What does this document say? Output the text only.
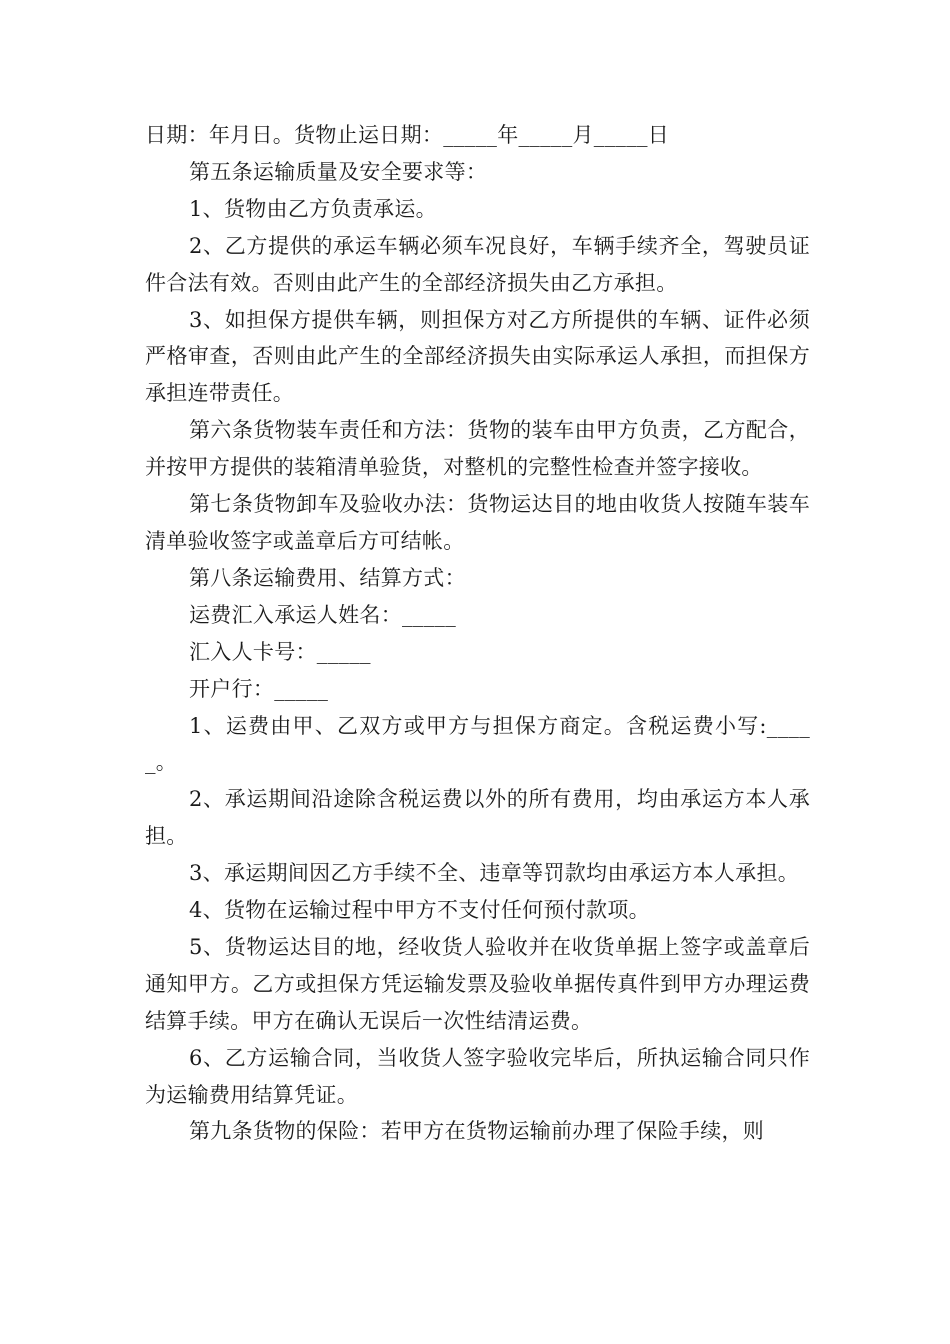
日期：年月日。货物止运日期：_____年_____月_____日

第五条运输质量及安全要求等：

1、货物由乙方负责承运。

2、乙方提供的承运车辆必须车况良好，车辆手续齐全，驾驶员证件合法有效。否则由此产生的全部经济损失由乙方承担。

3、如担保方提供车辆，则担保方对乙方所提供的车辆、证件必须严格审查，否则由此产生的全部经济损失由实际承运人承担，而担保方承担连带责任。

第六条货物装车责任和方法：货物的装车由甲方负责，乙方配合，并按甲方提供的装箱清单验货，对整机的完整性检查并签字接收。

第七条货物卸车及验收办法：货物运达目的地由收货人按随车装车清单验收签字或盖章后方可结帐。

第八条运输费用、结算方式：

运费汇入承运人姓名：_____

汇入人卡号：_____

开户行：_____

1、运费由甲、乙双方或甲方与担保方商定。含税运费小写:_____。

2、承运期间沿途除含税运费以外的所有费用，均由承运方本人承担。

3、承运期间因乙方手续不全、违章等罚款均由承运方本人承担。

4、货物在运输过程中甲方不支付任何预付款项。

5、货物运达目的地，经收货人验收并在收货单据上签字或盖章后通知甲方。乙方或担保方凭运输发票及验收单据传真件到甲方办理运费结算手续。甲方在确认无误后一次性结清运费。

6、乙方运输合同，当收货人签字验收完毕后，所执运输合同只作为运输费用结算凭证。

第九条货物的保险：若甲方在货物运输前办理了保险手续，则
